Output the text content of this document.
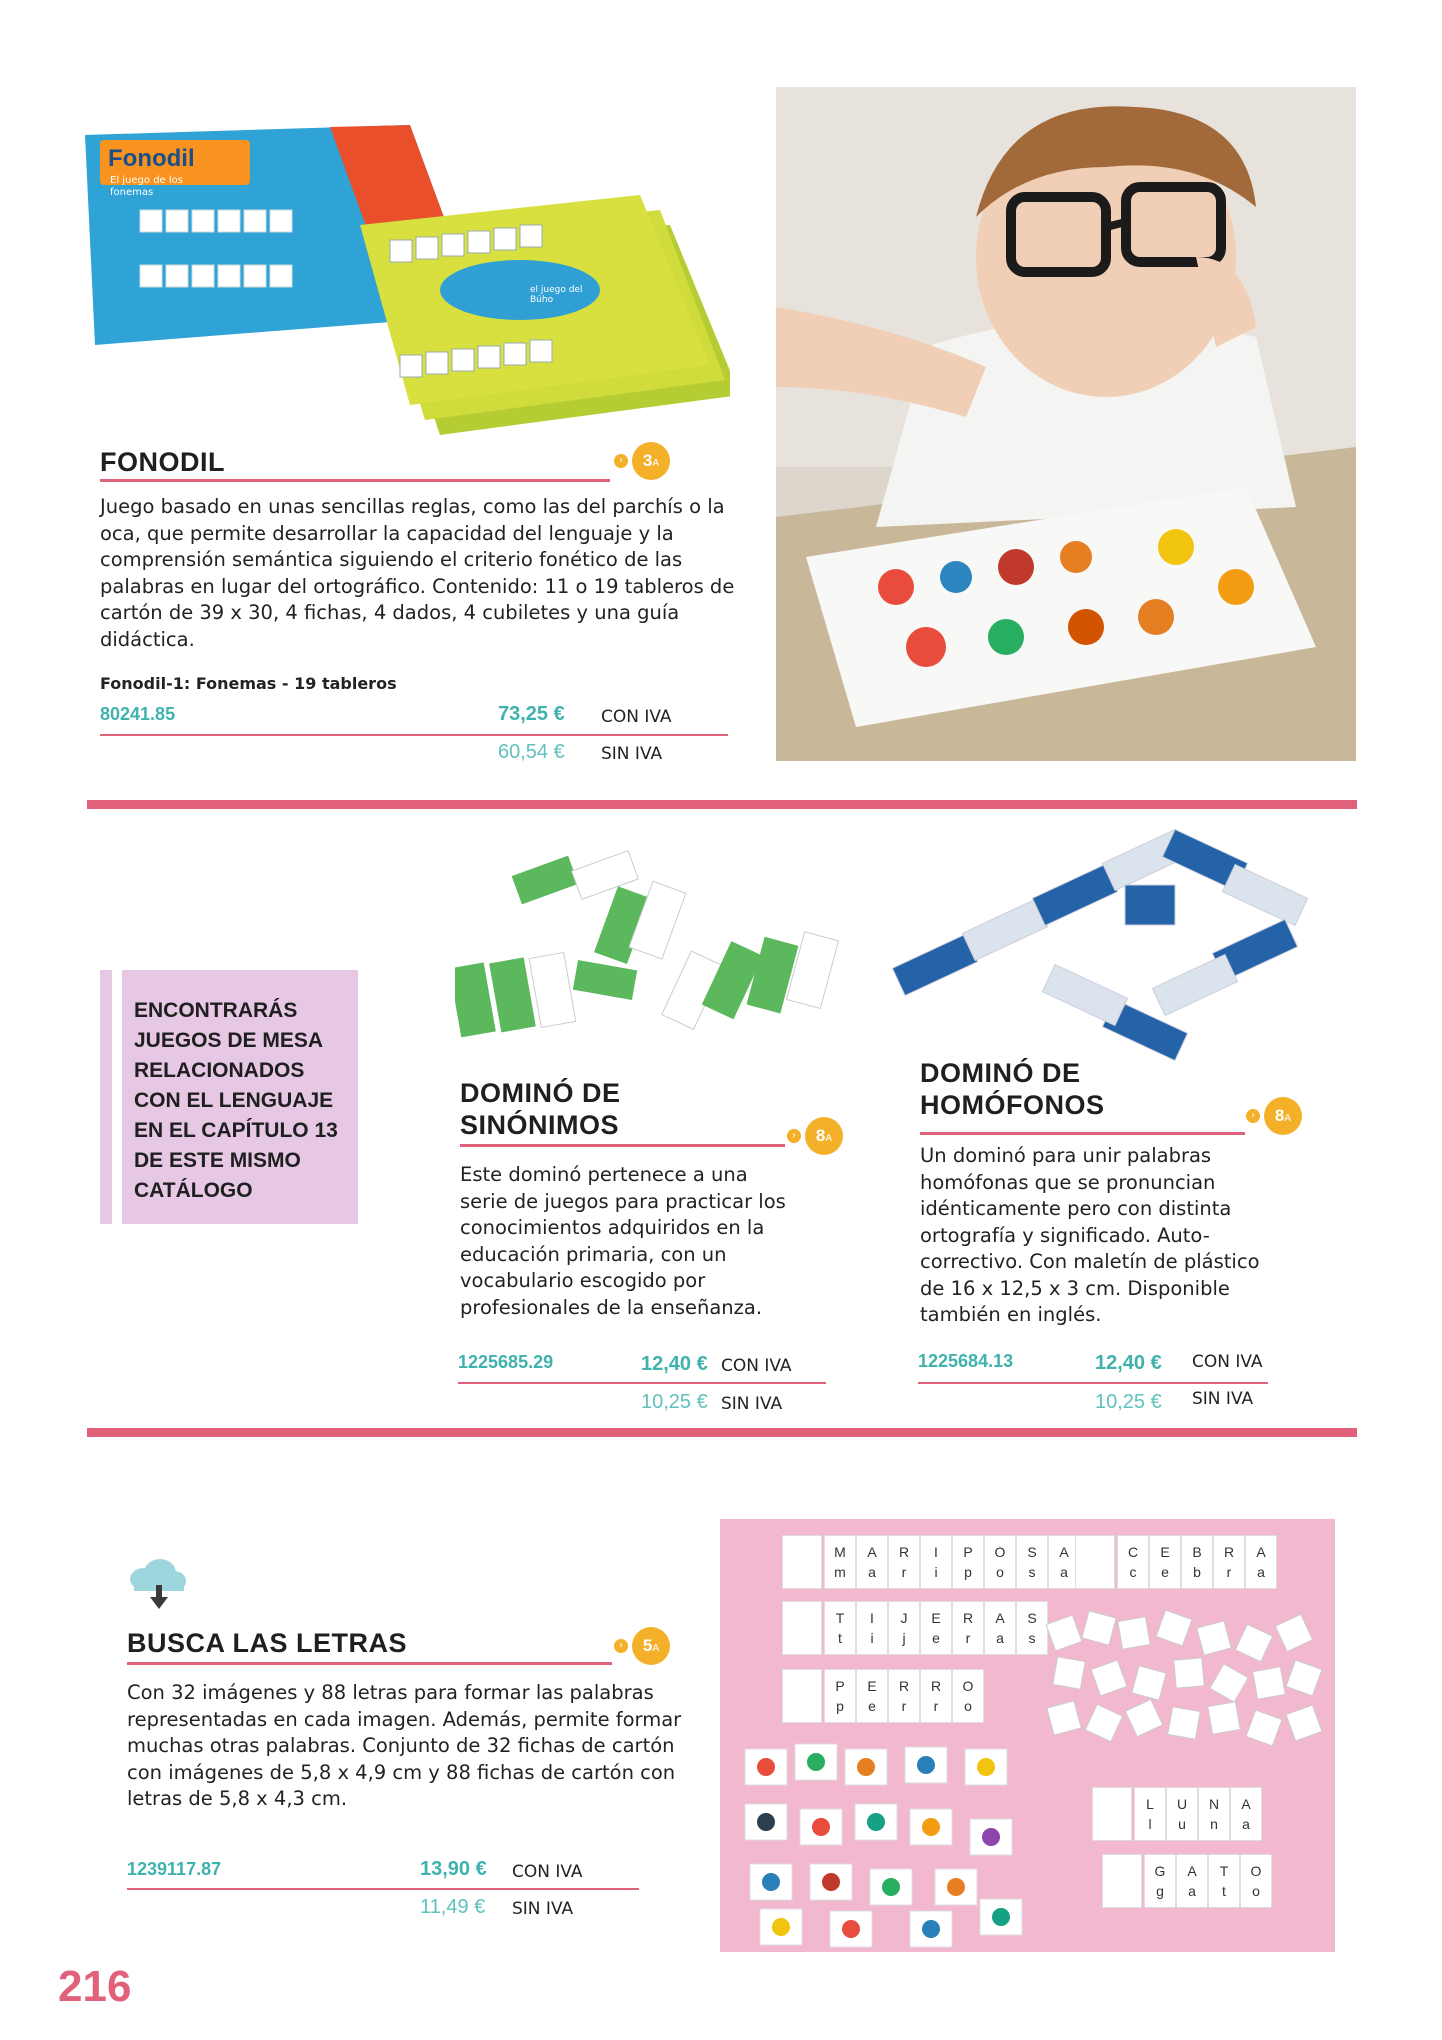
Fonodil
El juego de los fonemas
el juego del Búho
FONODIL	›	3A
Juego basado en unas sencillas reglas, como las del parchís o la oca, que permite desarrollar la capacidad del lenguaje y la comprensión semántica siguiendo el criterio fonético de las palabras en lugar del ortográfico. Contenido: 11 o 19 tableros de cartón de 39 x 30, 4 fichas, 4 dados, 4 cubiletes y una guía didáctica.
Fonodil-1: Fonemas - 19 tableros
80241.85	73,25 € CON IVA
60,54 € SIN IVA
ENCONTRARÁS JUEGOS DE MESA RELACIONADOS CON EL LENGUAJE EN EL CAPÍTULO 13 DE ESTE MISMO CATÁLOGO
DOMINÓ DE
SINÓNIMOS	›	8A
Este dominó pertenece a una serie de juegos para practicar los conocimientos adquiridos en la educación primaria, con un vocabulario escogido por profesionales de la enseñanza.
1225685.29	12,40 € CON IVA
10,25 € SIN IVA
DOMINÓ DE
HOMÓFONOS	›	8A
Un dominó para unir palabras homófonas que se pronuncian idénticamente pero con distinta ortografía y significado. Auto-correctivo. Con maletín de plástico de 16 x 12,5 x 3 cm. Disponible también en inglés.
1225684.13	12,40 € CON IVA
10,25 € SIN IVA
BUSCA LAS LETRAS	›	5A
Con 32 imágenes y 88 letras para formar las palabras representadas en cada imagen. Además, permite formar muchas otras palabras. Conjunto de 32 fichas de cartón con imágenes de 5,8 x 4,9 cm y 88 fichas de cartón con letras de 5,8 x 4,3 cm.
1239117.87	13,90 € CON IVA
11,49 € SIN IVA
M
m
A
a
R
r
I
i
P
p
O
o
S
s
A
a
T
t
I
i
J
j
E
e
R
r
A
a
S
s
P
p
E
e
R
r
R
r
O
o
C
c
E
e
B
b
R
r
A
a
L
l
U
u
N
n
A
a
G
g
A
a
T
t
O
o
216
